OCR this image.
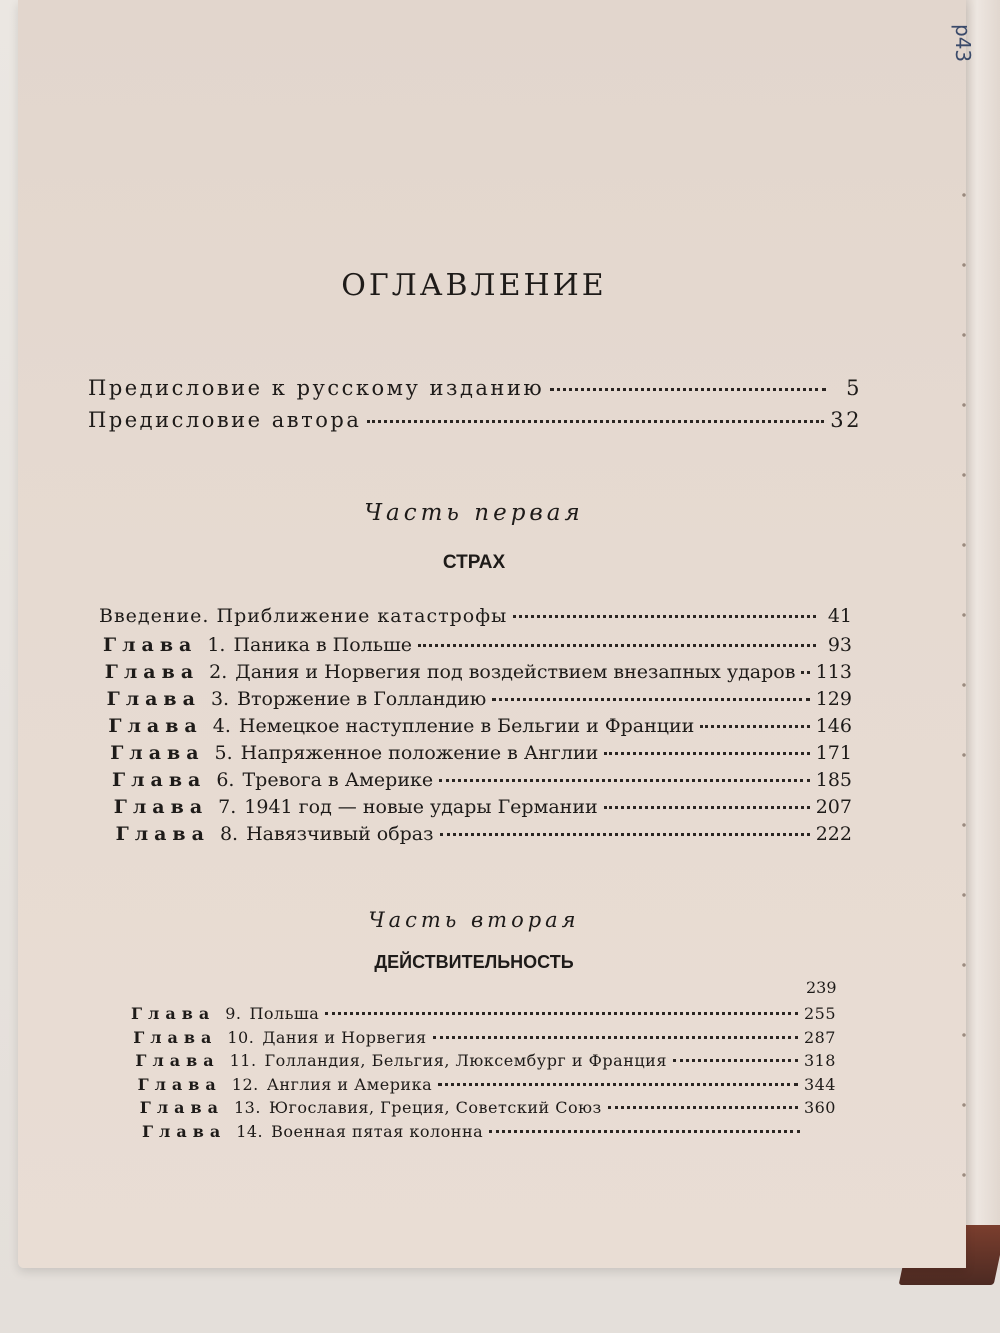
р43
ОГЛАВЛЕНИЕ
Предисловие к русскому изданию	5
Предисловие автора	32
Часть первая
СТРАХ
Введение. Приближение катастрофы	41
Глава 1. Паника в Польше	93
Глава 2. Дания и Норвегия под воздействием внезапных ударов 113
Глава 3. Вторжение в Голландию	129
Глава 4. Немецкое наступление в Бельгии и Франции	146
Глава 5. Напряженное положение в Англии	171
Глава 6. Тревога в Америке	185
Глава 7. 1941 год — новые удары Германии	207
Глава 8. Навязчивый образ	222
Часть вторая
ДЕЙСТВИТЕЛЬНОСТЬ
239
Глава 9. Польша	255
Глава 10. Дания и Норвегия	287
Глава 11. Голландия, Бельгия, Люксембург и Франция	318
Глава 12. Англия и Америка	344
Глава 13. Югославия, Греция, Советский Союз	360
Глава 14. Военная пятая колонна
